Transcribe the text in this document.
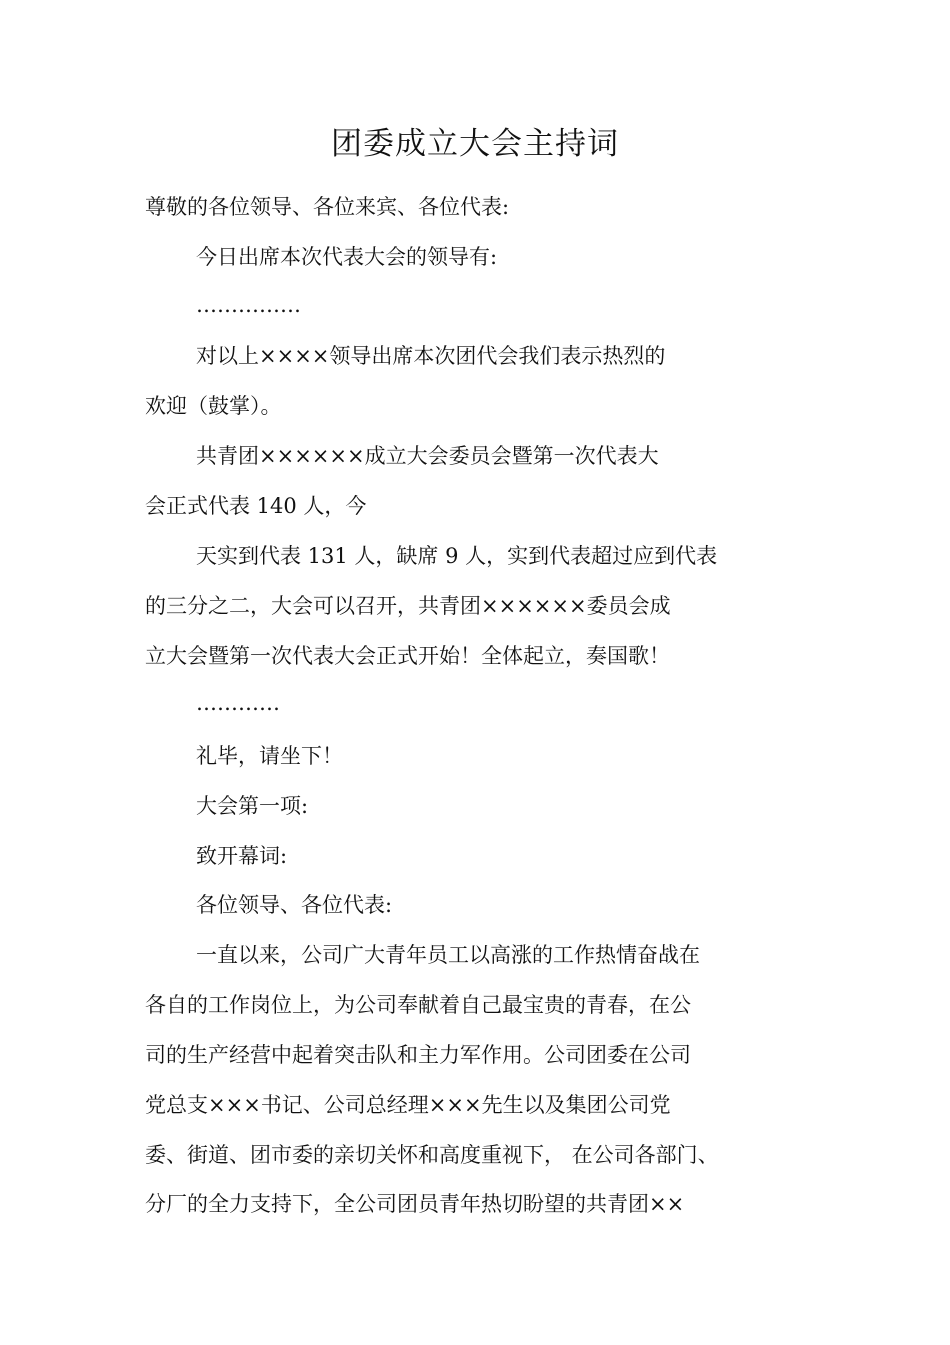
团委成立大会主持词
尊敬的各位领导、各位来宾、各位代表:
今日出席本次代表大会的领导有:
……………
对以上××××领导出席本次团代会我们表示热烈的
欢迎（鼓掌）。
共青团××××××成立大会委员会暨第一次代表大
会正式代表 140 人，今
天实到代表 131 人，缺席 9 人，实到代表超过应到代表
的三分之二，大会可以召开，共青团××××××委员会成
立大会暨第一次代表大会正式开始！全体起立，奏国歌！
…………
礼毕，请坐下！
大会第一项:
致开幕词:
各位领导、各位代表:
一直以来，公司广大青年员工以高涨的工作热情奋战在
各自的工作岗位上，为公司奉献着自己最宝贵的青春，在公
司的生产经营中起着突击队和主力军作用。公司团委在公司
党总支×××书记、公司总经理×××先生以及集团公司党
委、街道、团市委的亲切关怀和高度重视下， 在公司各部门、
分厂的全力支持下，全公司团员青年热切盼望的共青团××
